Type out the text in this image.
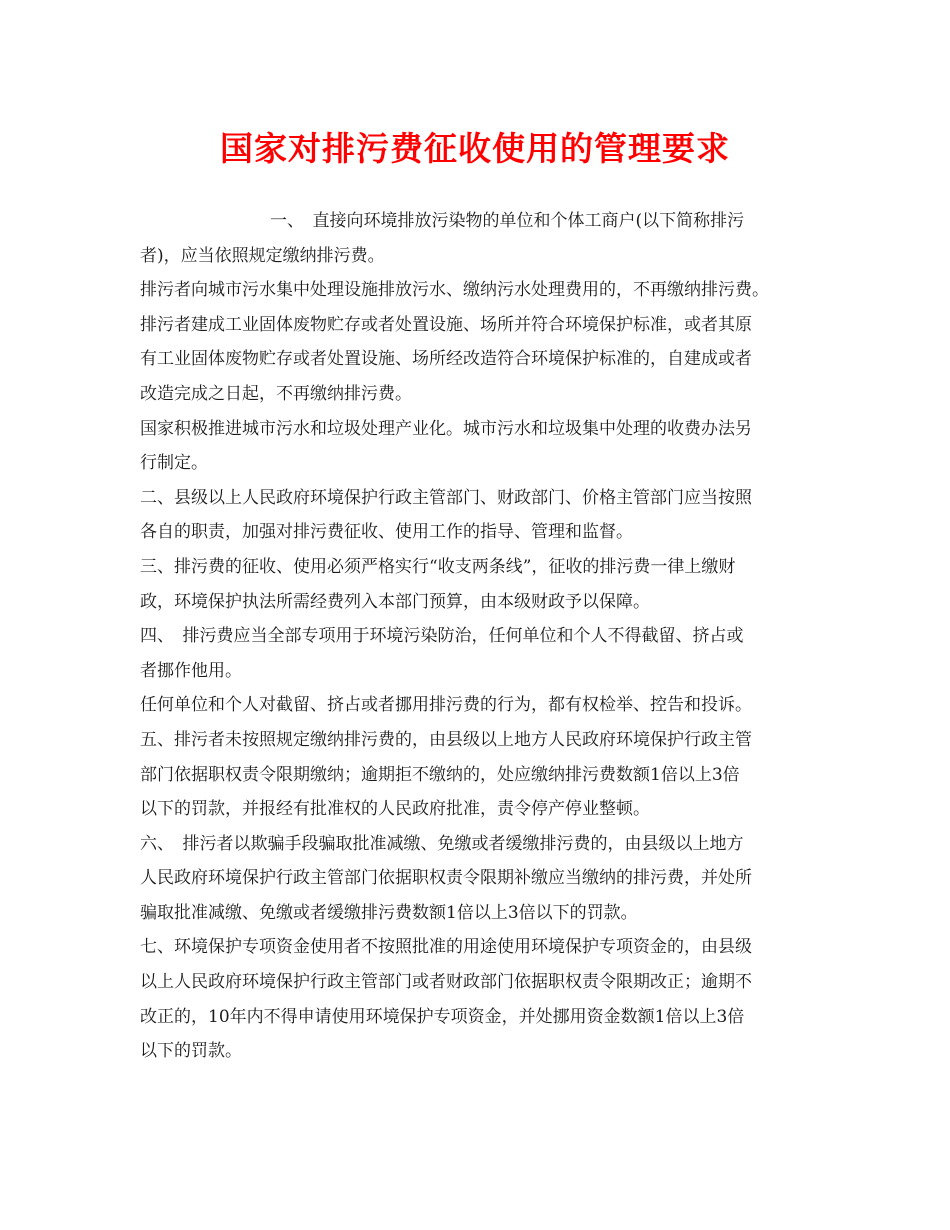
国家对排污费征收使用的管理要求
一、　直接向环境排放污染物的单位和个体工商户(以下简称排污
者)，应当依照规定缴纳排污费。
排污者向城市污水集中处理设施排放污水、缴纳污水处理费用的，不再缴纳排污费。
排污者建成工业固体废物贮存或者处置设施、场所并符合环境保护标准，或者其原
有工业固体废物贮存或者处置设施、场所经改造符合环境保护标准的，自建成或者
改造完成之日起，不再缴纳排污费。
国家积极推进城市污水和垃圾处理产业化。城市污水和垃圾集中处理的收费办法另
行制定。
二、县级以上人民政府环境保护行政主管部门、财政部门、价格主管部门应当按照
各自的职责，加强对排污费征收、使用工作的指导、管理和监督。
三、排污费的征收、使用必须严格实行“收支两条线”，征收的排污费一律上缴财
政，环境保护执法所需经费列入本部门预算，由本级财政予以保障。
四、　排污费应当全部专项用于环境污染防治，任何单位和个人不得截留、挤占或
者挪作他用。
任何单位和个人对截留、挤占或者挪用排污费的行为，都有权检举、控告和投诉。
五、排污者未按照规定缴纳排污费的，由县级以上地方人民政府环境保护行政主管
部门依据职权责令限期缴纳；逾期拒不缴纳的，处应缴纳排污费数额1倍以上3倍
以下的罚款，并报经有批准权的人民政府批准，责令停产停业整顿。
六、　排污者以欺骗手段骗取批准减缴、免缴或者缓缴排污费的，由县级以上地方
人民政府环境保护行政主管部门依据职权责令限期补缴应当缴纳的排污费，并处所
骗取批准减缴、免缴或者缓缴排污费数额1倍以上3倍以下的罚款。
七、环境保护专项资金使用者不按照批准的用途使用环境保护专项资金的，由县级
以上人民政府环境保护行政主管部门或者财政部门依据职权责令限期改正；逾期不
改正的，10年内不得申请使用环境保护专项资金，并处挪用资金数额1倍以上3倍
以下的罚款。
